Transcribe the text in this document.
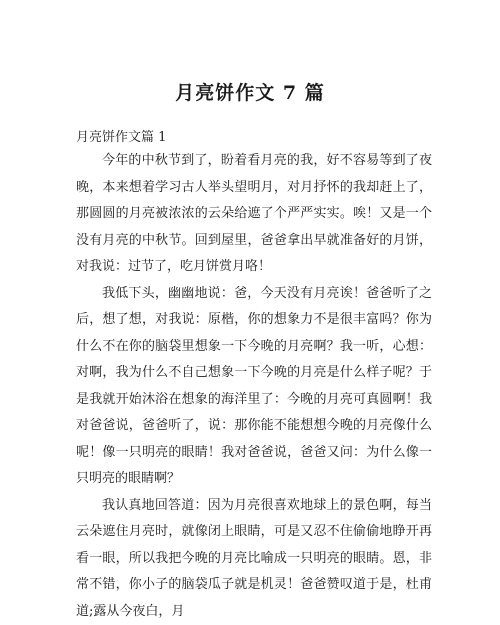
月亮饼作文 7 篇
月亮饼作文篇 1

今年的中秋节到了，盼着看月亮的我，好不容易等到了夜晚，本来想着学习古人举头望明月，对月抒怀的我却赶上了，那圆圆的月亮被浓浓的云朵给遮了个严严实实。唉！又是一个没有月亮的中秋节。回到屋里，爸爸拿出早就准备好的月饼，对我说：过节了，吃月饼赏月咯！

我低下头，幽幽地说：爸，今天没有月亮诶！爸爸听了之后，想了想，对我说：原楷，你的想象力不是很丰富吗？你为什么不在你的脑袋里想象一下今晚的月亮啊？我一听，心想：对啊，我为什么不自己想象一下今晚的月亮是什么样子呢？于是我就开始沐浴在想象的海洋里了：今晚的月亮可真圆啊！我对爸爸说，爸爸听了，说：那你能不能想想今晚的月亮像什么呢！像一只明亮的眼睛！我对爸爸说，爸爸又问：为什么像一只明亮的眼睛啊？

我认真地回答道：因为月亮很喜欢地球上的景色啊，每当云朵遮住月亮时，就像闭上眼睛，可是又忍不住偷偷地睁开再看一眼，所以我把今晚的月亮比喻成一只明亮的眼睛。恩，非常不错，你小子的脑袋瓜子就是机灵！爸爸赞叹道于是，杜甫道;露从今夜白，月
